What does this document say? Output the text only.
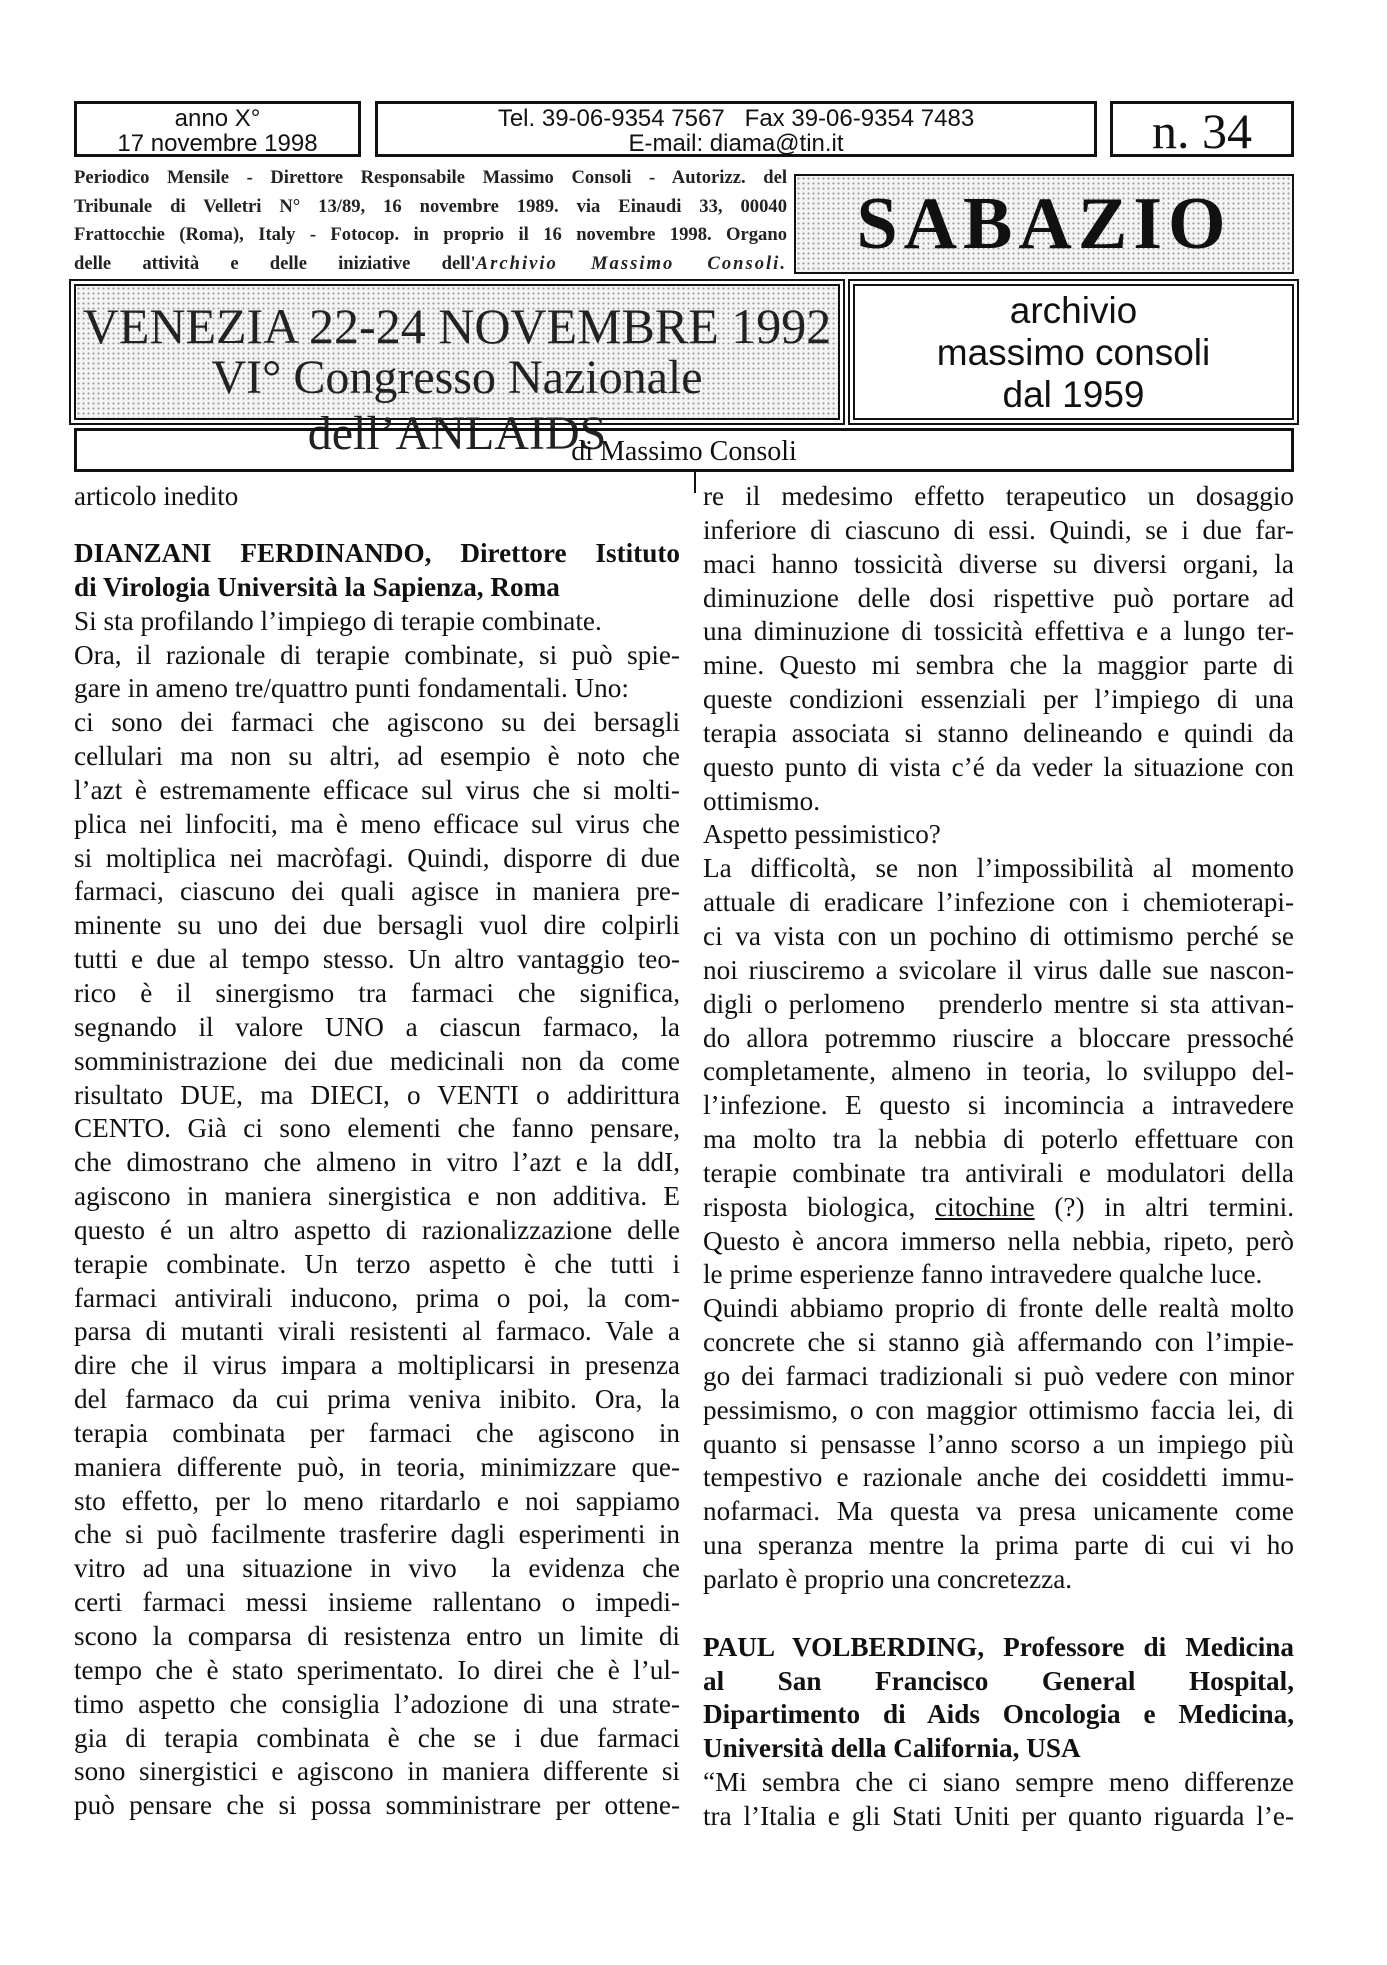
anno X°
17 novembre 1998
Tel. 39-06-9354 7567   Fax 39-06-9354 7483
E-mail: diama@tin.it	n. 34
Periodico Mensile - Direttore Responsabile Massimo Consoli - Autorizz. del
Tribunale di Velletri N° 13/89, 16 novembre 1989. via Einaudi 33, 00040
Frattocchie (Roma), Italy - Fotocop. in proprio il 16 novembre 1998. Organo
delle attività e delle iniziative dell'Archivio Massimo Consoli. SABAZIO
VENEZIA 22-24 NOVEMBRE 1992
VI° Congresso Nazionale dell’ANLAIDS
archivio
massimo consoli
dal 1959
di Massimo Consoli
articolo inedito
DIANZANI FERDINANDO, Direttore Istituto
di Virologia Università la Sapienza, Roma
Si sta profilando l’impiego di terapie combinate.
Ora, il razionale di terapie combinate, si può spie-
gare in ameno tre/quattro punti fondamentali. Uno:
ci sono dei farmaci che agiscono su dei bersagli
cellulari ma non su altri, ad esempio è noto che
l’azt è estremamente efficace sul virus che si molti-
plica nei linfociti, ma è meno efficace sul virus che
si moltiplica nei macròfagi. Quindi, disporre di due
farmaci, ciascuno dei quali agisce in maniera pre-
minente su uno dei due bersagli vuol dire colpirli
tutti e due al tempo stesso. Un altro vantaggio teo-
rico è il sinergismo tra farmaci che significa,
segnando il valore UNO a ciascun farmaco, la
somministrazione dei due medicinali non da come
risultato DUE, ma DIECI, o VENTI o addirittura
CENTO. Già ci sono elementi che fanno pensare,
che dimostrano che almeno in vitro l’azt e la ddI,
agiscono in maniera sinergistica e non additiva. E
questo é un altro aspetto di razionalizzazione delle
terapie combinate. Un terzo aspetto è che tutti i
farmaci antivirali inducono, prima o poi, la com-
parsa di mutanti virali resistenti al farmaco. Vale a
dire che il virus impara a moltiplicarsi in presenza
del farmaco da cui prima veniva inibito. Ora, la
terapia combinata per farmaci che agiscono in
maniera differente può, in teoria, minimizzare que-
sto effetto, per lo meno ritardarlo e noi sappiamo
che si può facilmente trasferire dagli esperimenti in
vitro ad una situazione in vivo  la evidenza che
certi farmaci messi insieme rallentano o impedi-
scono la comparsa di resistenza entro un limite di
tempo che è stato sperimentato. Io direi che è l’ul-
timo aspetto che consiglia l’adozione di una strate-
gia di terapia combinata è che se i due farmaci
sono sinergistici e agiscono in maniera differente si
può pensare che si possa somministrare per ottene-
re il medesimo effetto terapeutico un dosaggio
inferiore di ciascuno di essi. Quindi, se i due far-
maci hanno tossicità diverse su diversi organi, la
diminuzione delle dosi rispettive può portare ad
una diminuzione di tossicità effettiva e a lungo ter-
mine. Questo mi sembra che la maggior parte di
queste condizioni essenziali per l’impiego di una
terapia associata si stanno delineando e quindi da
questo punto di vista c’é da veder la situazione con
ottimismo.
Aspetto pessimistico?
La difficoltà, se non l’impossibilità al momento
attuale di eradicare l’infezione con i chemioterapi-
ci va vista con un pochino di ottimismo perché se
noi riusciremo a svicolare il virus dalle sue nascon-
digli o perlomeno   prenderlo mentre si sta attivan-
do allora potremmo riuscire a bloccare pressoché
completamente, almeno in teoria, lo sviluppo del-
l’infezione. E questo si incomincia a intravedere
ma molto tra la nebbia di poterlo effettuare con
terapie combinate tra antivirali e modulatori della
risposta biologica, citochine (?) in altri termini.
Questo è ancora immerso nella nebbia, ripeto, però
le prime esperienze fanno intravedere qualche luce.
Quindi abbiamo proprio di fronte delle realtà molto
concrete che si stanno già affermando con l’impie-
go dei farmaci tradizionali si può vedere con minor
pessimismo, o con maggior ottimismo faccia lei, di
quanto si pensasse l’anno scorso a un impiego più
tempestivo e razionale anche dei cosiddetti immu-
nofarmaci. Ma questa va presa unicamente come
una speranza mentre la prima parte di cui vi ho
parlato è proprio una concretezza.
PAUL VOLBERDING, Professore di Medicina
al San Francisco General Hospital,
Dipartimento di Aids Oncologia e Medicina,
Università della California, USA
“Mi sembra che ci siano sempre meno differenze
tra l’Italia e gli Stati Uniti per quanto riguarda l’e-
